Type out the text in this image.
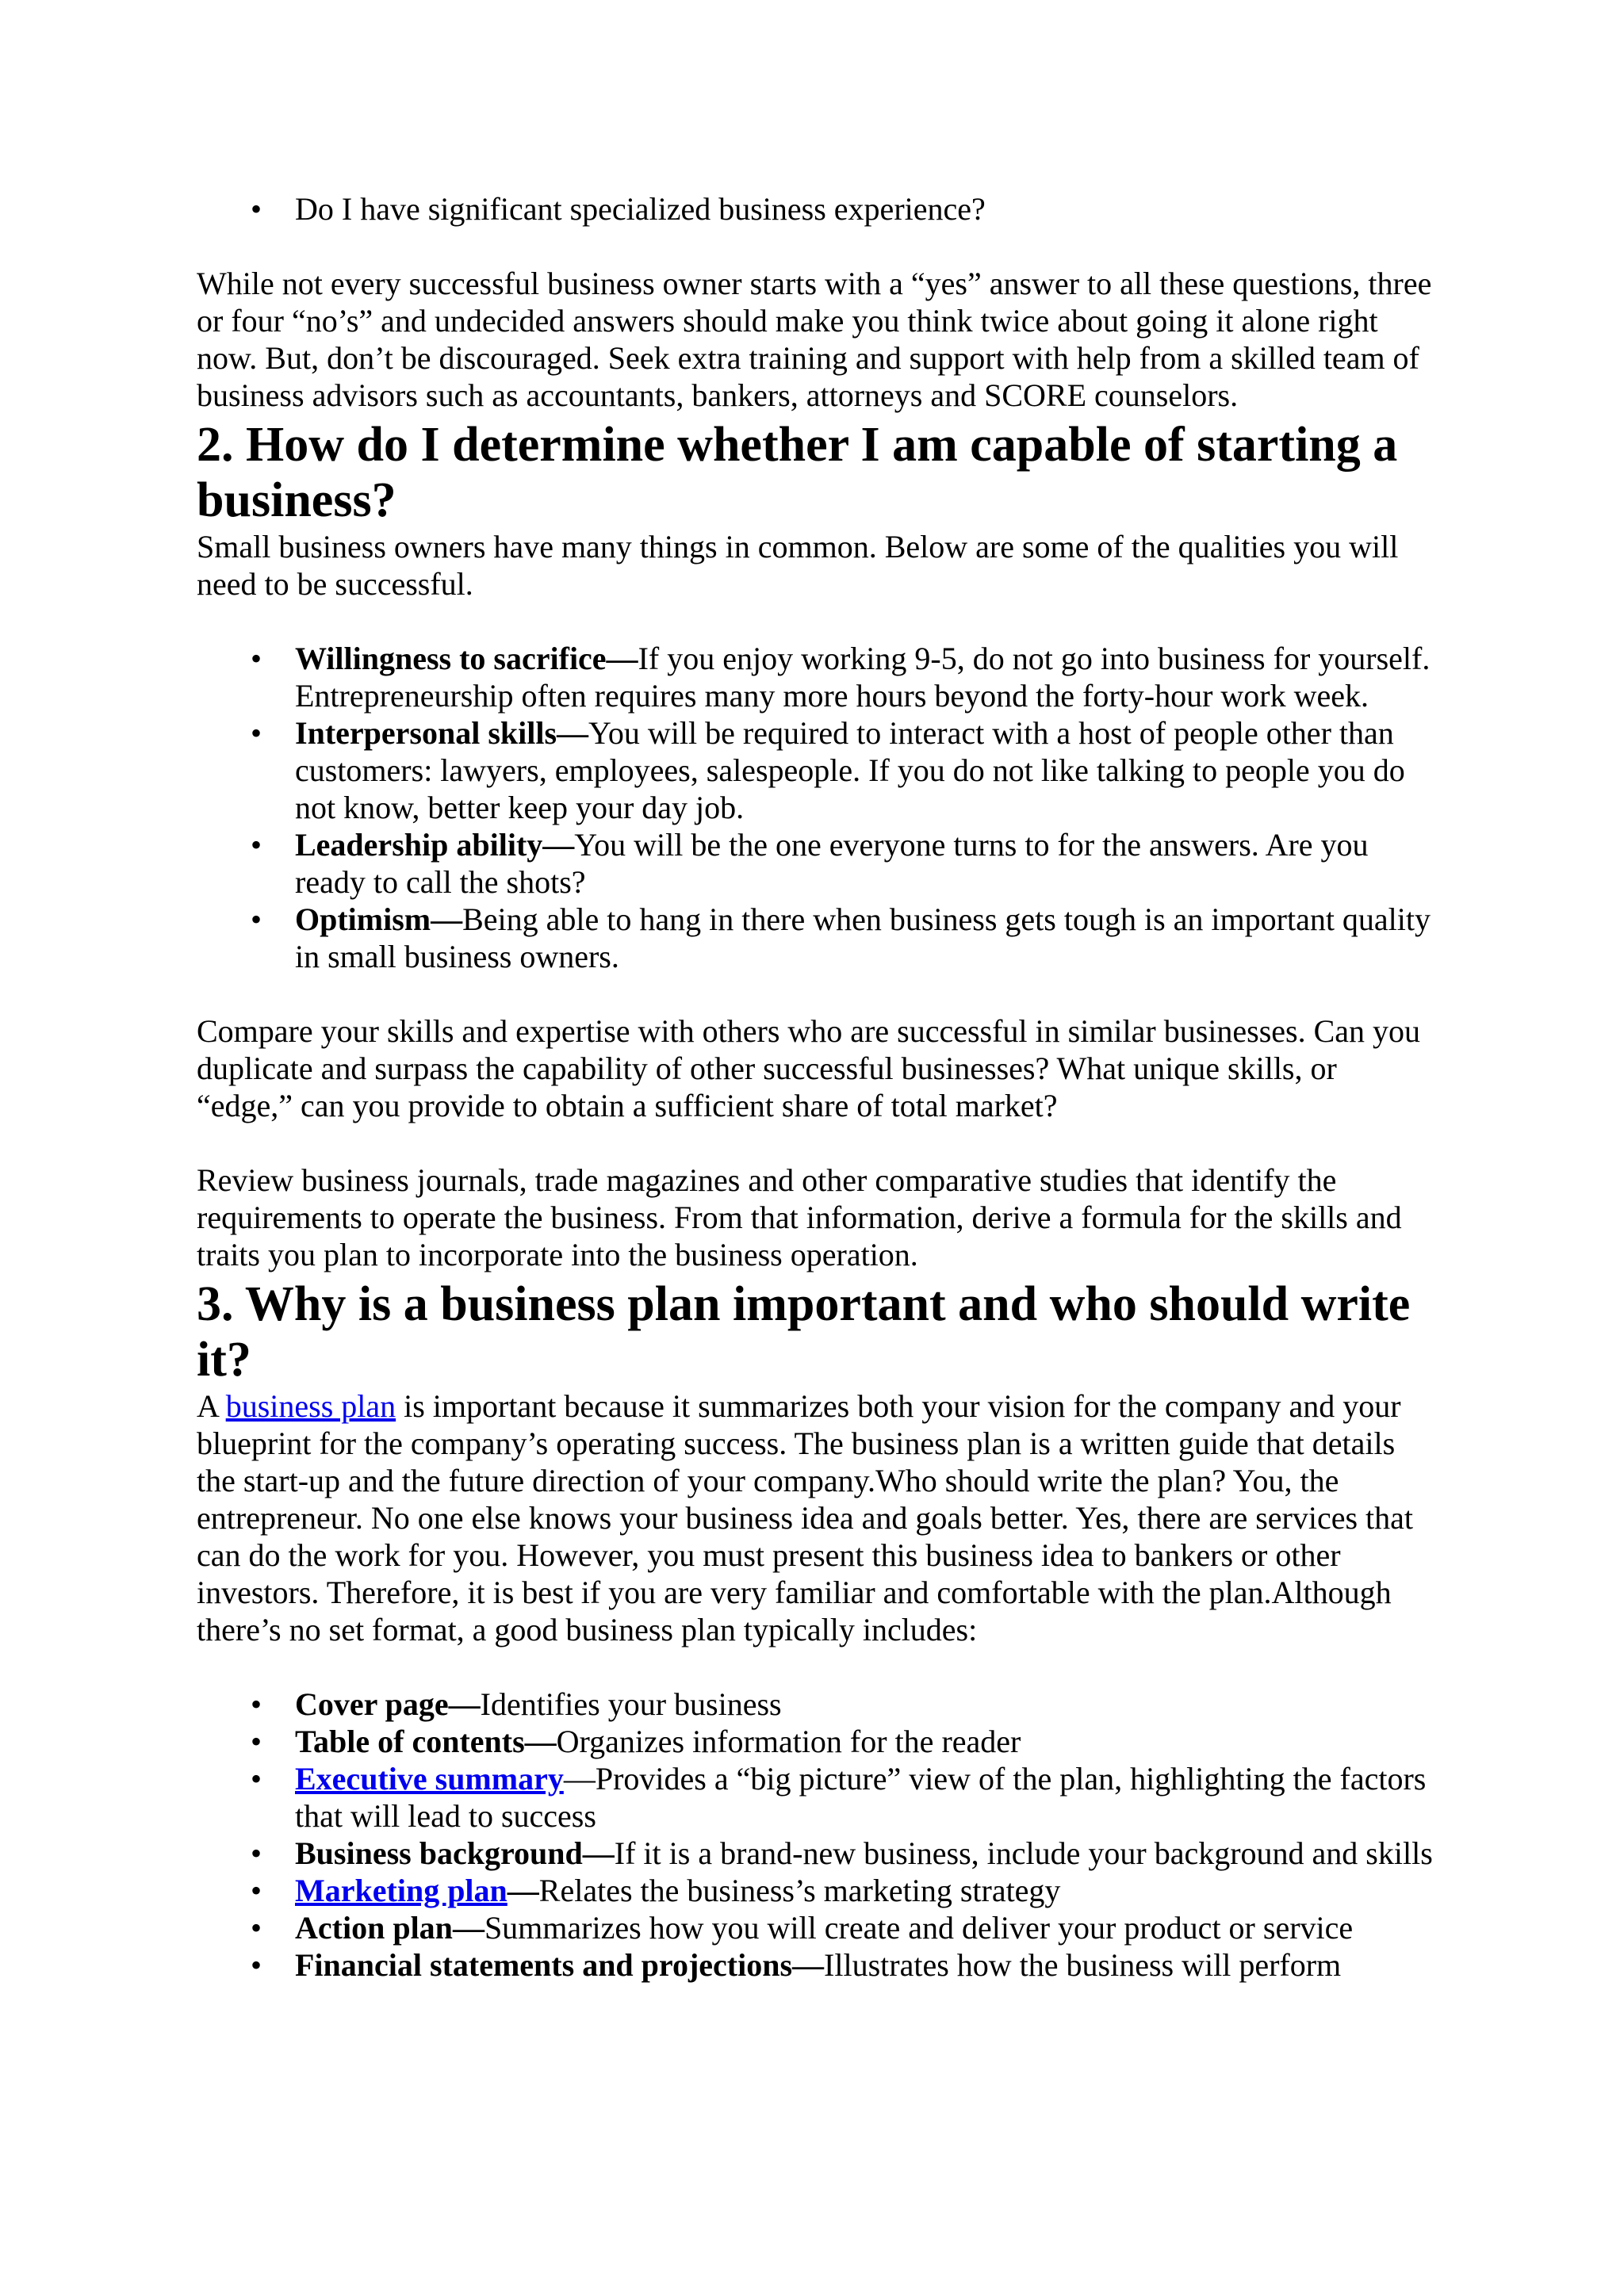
• Do I have significant specialized business experience?

While not every successful business owner starts with a “yes” answer to all these questions, three or four “no’s” and undecided answers should make you think twice about going it alone right now. But, don’t be discouraged. Seek extra training and support with help from a skilled team of business advisors such as accountants, bankers, attorneys and SCORE counselors.

2. How do I determine whether I am capable of starting a business?

Small business owners have many things in common. Below are some of the qualities you will need to be successful.

• Willingness to sacrifice—If you enjoy working 9-5, do not go into business for yourself. Entrepreneurship often requires many more hours beyond the forty-hour work week.
• Interpersonal skills—You will be required to interact with a host of people other than customers: lawyers, employees, salespeople. If you do not like talking to people you do not know, better keep your day job.
• Leadership ability—You will be the one everyone turns to for the answers. Are you ready to call the shots?
• Optimism—Being able to hang in there when business gets tough is an important quality in small business owners.

Compare your skills and expertise with others who are successful in similar businesses. Can you duplicate and surpass the capability of other successful businesses? What unique skills, or “edge,” can you provide to obtain a sufficient share of total market?

Review business journals, trade magazines and other comparative studies that identify the requirements to operate the business. From that information, derive a formula for the skills and traits you plan to incorporate into the business operation.

3. Why is a business plan important and who should write it?

A business plan is important because it summarizes both your vision for the company and your blueprint for the company’s operating success. The business plan is a written guide that details the start-up and the future direction of your company.Who should write the plan? You, the entrepreneur. No one else knows your business idea and goals better. Yes, there are services that can do the work for you. However, you must present this business idea to bankers or other investors. Therefore, it is best if you are very familiar and comfortable with the plan.Although there’s no set format, a good business plan typically includes:

• Cover page—Identifies your business
• Table of contents—Organizes information for the reader
• Executive summary—Provides a “big picture” view of the plan, highlighting the factors that will lead to success
• Business background—If it is a brand-new business, include your background and skills
• Marketing plan—Relates the business’s marketing strategy
• Action plan—Summarizes how you will create and deliver your product or service
• Financial statements and projections—Illustrates how the business will perform
